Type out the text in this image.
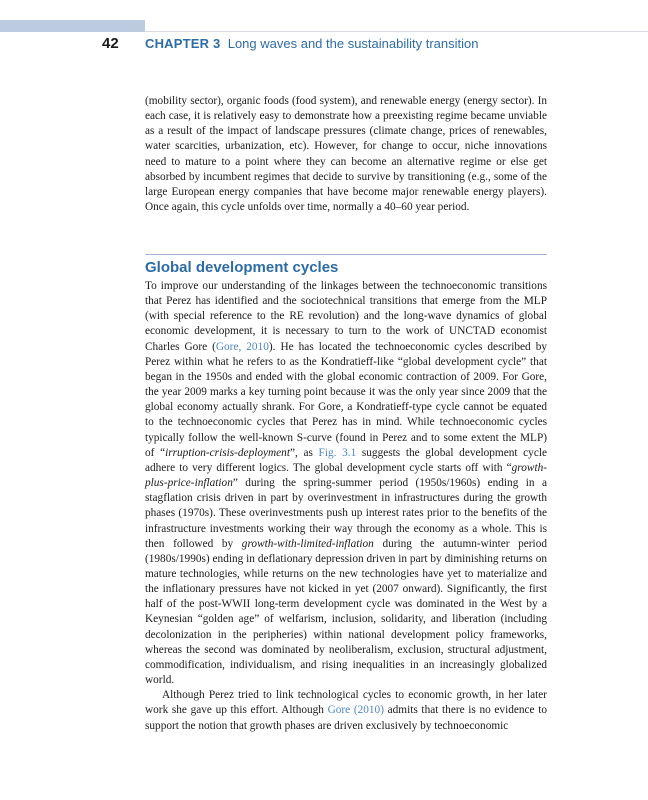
42 CHAPTER 3 Long waves and the sustainability transition

(mobility sector), organic foods (food system), and renewable energy (energy sector). In each case, it is relatively easy to demonstrate how a preexisting regime became unviable as a result of the impact of landscape pressures (climate change, prices of renewables, water scarcities, urbanization, etc). However, for change to occur, niche innovations need to mature to a point where they can become an alternative regime or else get absorbed by incumbent regimes that decide to survive by transitioning (e.g., some of the large European energy companies that have become major renewable energy players). Once again, this cycle unfolds over time, normally a 40–60 year period.

Global development cycles

To improve our understanding of the linkages between the technoeconomic transitions that Perez has identified and the sociotechnical transitions that emerge from the MLP (with special reference to the RE revolution) and the long-wave dynamics of global economic development, it is necessary to turn to the work of UNCTAD economist Charles Gore (Gore, 2010). He has located the technoeconomic cycles described by Perez within what he refers to as the Kondratieff-like “global development cycle” that began in the 1950s and ended with the global economic contraction of 2009. For Gore, the year 2009 marks a key turning point because it was the only year since 2009 that the global economy actually shrank. For Gore, a Kondratieff-type cycle cannot be equated to the technoeconomic cycles that Perez has in mind. While technoeconomic cycles typically follow the well-known S-curve (found in Perez and to some extent the MLP) of “irruption-crisis-deployment”, as Fig. 3.1 suggests the global development cycle adhere to very different logics. The global development cycle starts off with “growth-plus-price-inflation” during the spring-summer period (1950s/1960s) ending in a stagflation crisis driven in part by overinvestment in infrastructures during the growth phases (1970s). These overinvestments push up interest rates prior to the benefits of the infrastructure investments working their way through the economy as a whole. This is then followed by growth-with-limited-inflation during the autumn-winter period (1980s/1990s) ending in deflationary depression driven in part by diminishing returns on mature technologies, while returns on the new technologies have yet to materialize and the inflationary pressures have not kicked in yet (2007 onward). Significantly, the first half of the post-WWII long-term development cycle was dominated in the West by a Keynesian “golden age” of welfarism, inclusion, solidarity, and liberation (including decolonization in the peripheries) within national development policy frameworks, whereas the second was dominated by neoliberalism, exclusion, structural adjustment, commodification, individualism, and rising inequalities in an increasingly globalized world.

Although Perez tried to link technological cycles to economic growth, in her later work she gave up this effort. Although Gore (2010) admits that there is no evidence to support the notion that growth phases are driven exclusively by technoeconomic
